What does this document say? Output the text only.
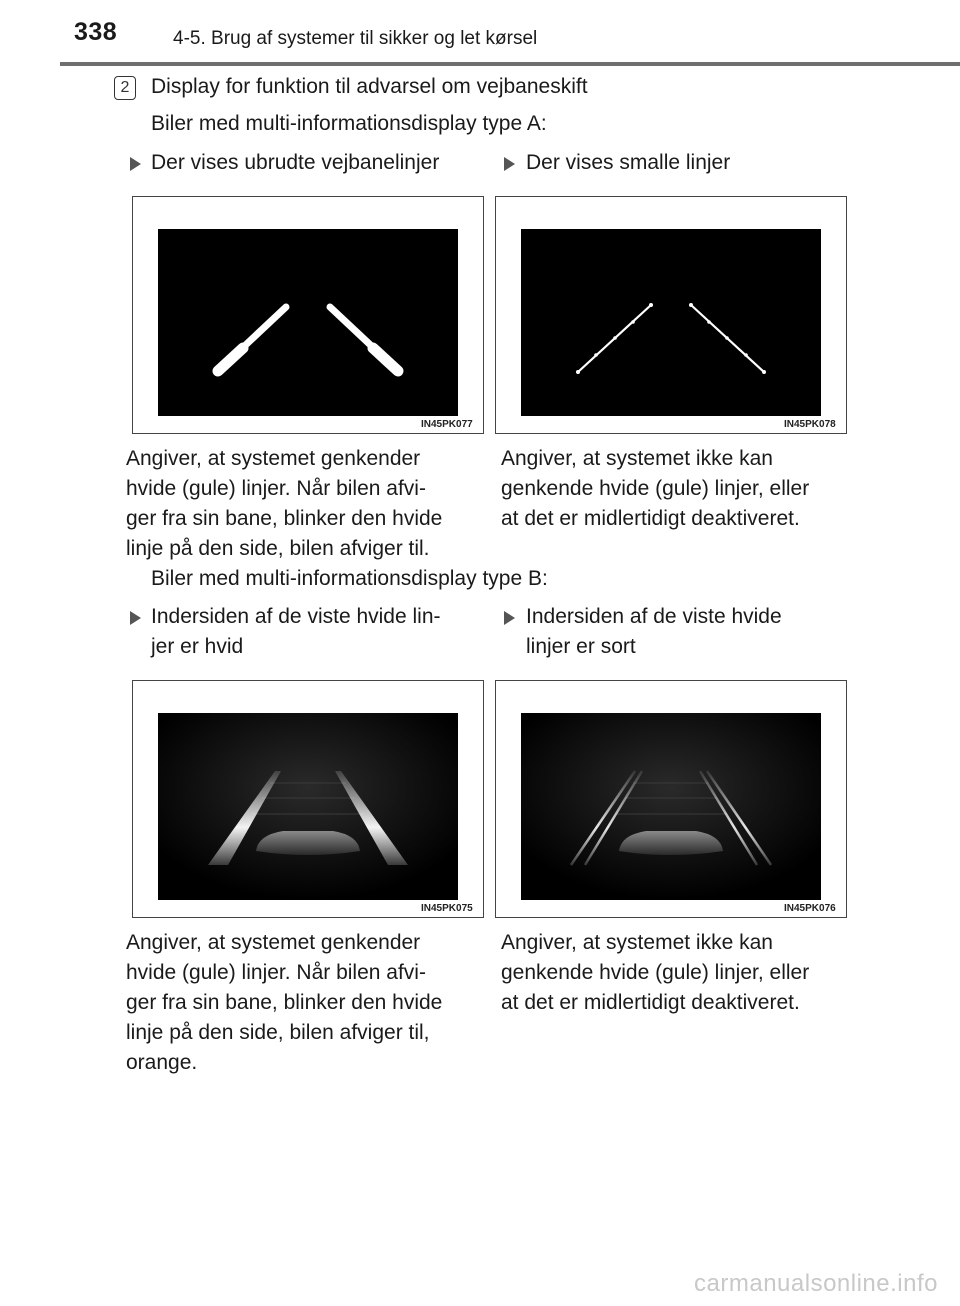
338	4-5. Brug af systemer til sikker og let kørsel
2	Display for funktion til advarsel om vejbaneskift
Biler med multi-informationsdisplay type A:
Der vises ubrudte vejbanelinjer	Der vises smalle linjer
IN45PK077	IN45PK078
Angiver, at systemet genkender
hvide (gule) linjer. Når bilen afvi-
ger fra sin bane, blinker den hvide
linje på den side, bilen afviger til.
Angiver, at systemet ikke kan
genkende hvide (gule) linjer, eller
at det er midlertidigt deaktiveret.
Biler med multi-informationsdisplay type B:
Indersiden af de viste hvide lin-
jer er hvid
Indersiden af de viste hvide
linjer er sort
IN45PK075	IN45PK076
Angiver, at systemet genkender
hvide (gule) linjer. Når bilen afvi-
ger fra sin bane, blinker den hvide
linje på den side, bilen afviger til,
orange.
Angiver, at systemet ikke kan
genkende hvide (gule) linjer, eller
at det er midlertidigt deaktiveret.
carmanualsonline.info
